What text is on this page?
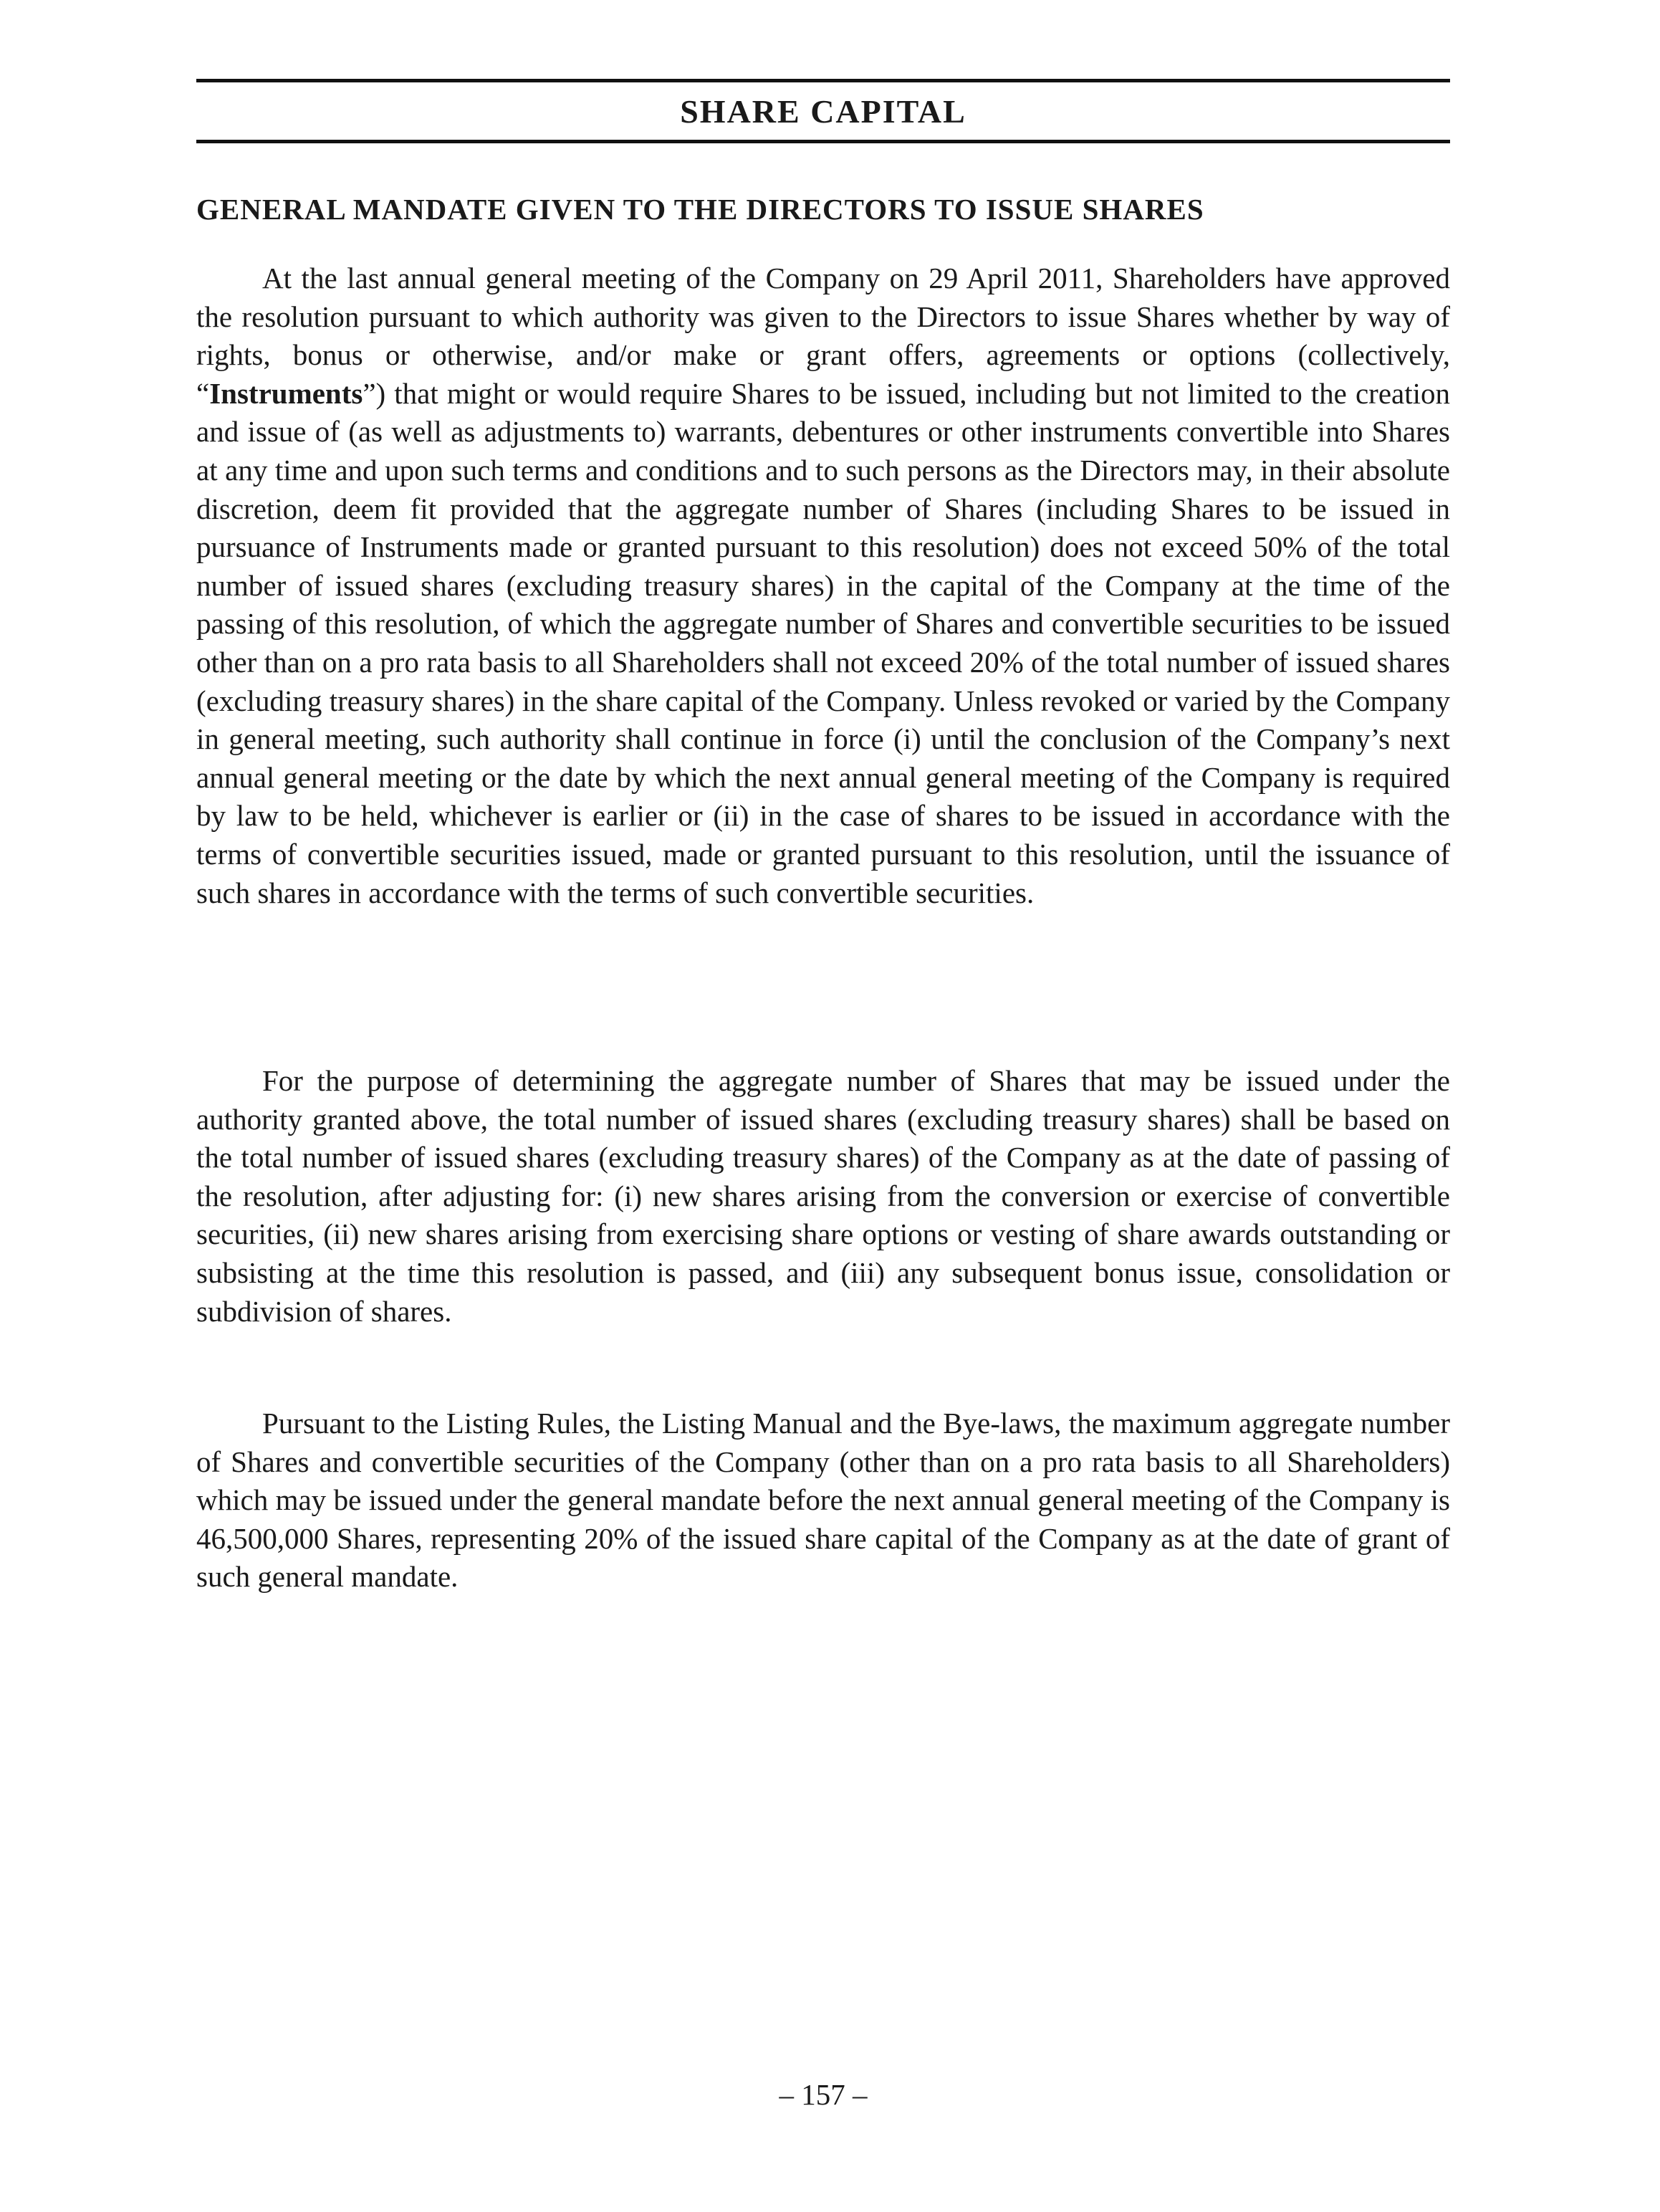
SHARE CAPITAL
GENERAL MANDATE GIVEN TO THE DIRECTORS TO ISSUE SHARES

At the last annual general meeting of the Company on 29 April 2011, Shareholders have approved the resolution pursuant to which authority was given to the Directors to issue Shares whether by way of rights, bonus or otherwise, and/or make or grant offers, agreements or options (collectively, “Instruments”) that might or would require Shares to be issued, including but not limited to the creation and issue of (as well as adjustments to) warrants, debentures or other instruments convertible into Shares at any time and upon such terms and conditions and to such persons as the Directors may, in their absolute discretion, deem fit provided that the aggregate number of Shares (including Shares to be issued in pursuance of Instruments made or granted pursuant to this resolution) does not exceed 50% of the total number of issued shares (excluding treasury shares) in the capital of the Company at the time of the passing of this resolution, of which the aggregate number of Shares and convertible securities to be issued other than on a pro rata basis to all Shareholders shall not exceed 20% of the total number of issued shares (excluding treasury shares) in the share capital of the Company. Unless revoked or varied by the Company in general meeting, such authority shall continue in force (i) until the conclusion of the Company’s next annual general meeting or the date by which the next annual general meeting of the Company is required by law to be held, whichever is earlier or (ii) in the case of shares to be issued in accordance with the terms of convertible securities issued, made or granted pursuant to this resolution, until the issuance of such shares in accordance with the terms of such convertible securities.

For the purpose of determining the aggregate number of Shares that may be issued under the authority granted above, the total number of issued shares (excluding treasury shares) shall be based on the total number of issued shares (excluding treasury shares) of the Company as at the date of passing of the resolution, after adjusting for: (i) new shares arising from the conversion or exercise of convertible securities, (ii) new shares arising from exercising share options or vesting of share awards outstanding or subsisting at the time this resolution is passed, and (iii) any subsequent bonus issue, consolidation or subdivision of shares.

Pursuant to the Listing Rules, the Listing Manual and the Bye-laws, the maximum aggregate number of Shares and convertible securities of the Company (other than on a pro rata basis to all Shareholders) which may be issued under the general mandate before the next annual general meeting of the Company is 46,500,000 Shares, representing 20% of the issued share capital of the Company as at the date of grant of such general mandate.

– 157 –
